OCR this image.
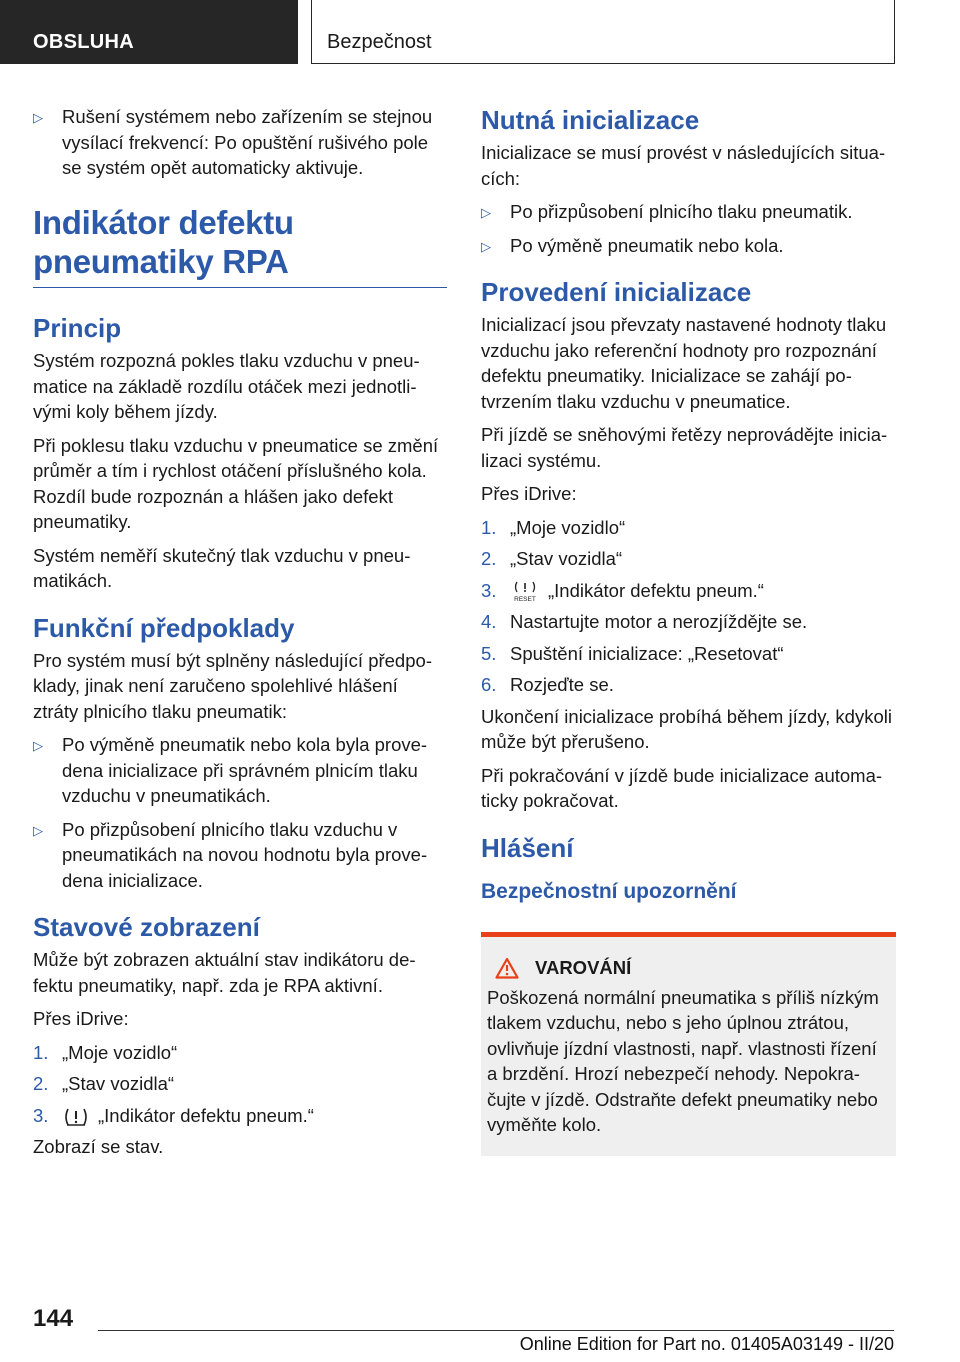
OBSLUHA	Bezpečnost
▷ Rušení systémem nebo zařízením se stejnou vysílací frekvencí: Po opuštění rušivého pole se systém opět automaticky aktivuje.
Indikátor defektu pneumatiky RPA
Princip

Systém rozpozná pokles tlaku vzduchu v pneumatice na základě rozdílu otáček mezi jednotlivými koly během jízdy.

Při poklesu tlaku vzduchu v pneumatice se změní průměr a tím i rychlost otáčení příslušného kola. Rozdíl bude rozpoznán a hlášen jako defekt pneumatiky.

Systém neměří skutečný tlak vzduchu v pneumatikách.

Funkční předpoklady

Pro systém musí být splněny následující předpoklady, jinak není zaručeno spolehlivé hlášení ztráty plnicího tlaku pneumatik:

▷ Po výměně pneumatik nebo kola byla provedena inicializace při správném plnicím tlaku vzduchu v pneumatikách.
▷ Po přizpůsobení plnicího tlaku vzduchu v pneumatikách na novou hodnotu byla provedena inicializace.
Stavové zobrazení

Může být zobrazen aktuální stav indikátoru defektu pneumatiky, např. zda je RPA aktivní.

Přes iDrive:

1. „Moje vozidlo“
2. „Stav vozidla“
3.	„Indikátor defektu pneum.“

Zobrazí se stav.

Nutná inicializace

Inicializace se musí provést v následujících situacích:

▷ Po přizpůsobení plnicího tlaku pneumatik.
▷ Po výměně pneumatik nebo kola.
Provedení inicializace

Inicializací jsou převzaty nastavené hodnoty tlaku vzduchu jako referenční hodnoty pro rozpoznání defektu pneumatiky. Inicializace se zahájí potvrzením tlaku vzduchu v pneumatice.

Při jízdě se sněhovými řetězy neprovádějte inicializaci systému.

Přes iDrive:

1. „Moje vozidlo“
2. „Stav vozidla“
3.	RESET „Indikátor defektu pneum.“
4. Nastartujte motor a nerozjíždějte se.
5. Spuštění inicializace: „Resetovat“
6. Rozjeďte se.

Ukončení inicializace probíhá během jízdy, kdykoli může být přerušeno.

Při pokračování v jízdě bude inicializace automaticky pokračovat.

Hlášení
Bezpečnostní upozornění
VAROVÁNÍ

Poškozená normální pneumatika s příliš nízkým tlakem vzduchu, nebo s jeho úplnou ztrátou, ovlivňuje jízdní vlastnosti, např. vlastnosti řízení a brzdění. Hrozí nebezpečí nehody. Nepokračujte v jízdě. Odstraňte defekt pneumatiky nebo vyměňte kolo.

144
Online Edition for Part no. 01405A03149 - II/20
